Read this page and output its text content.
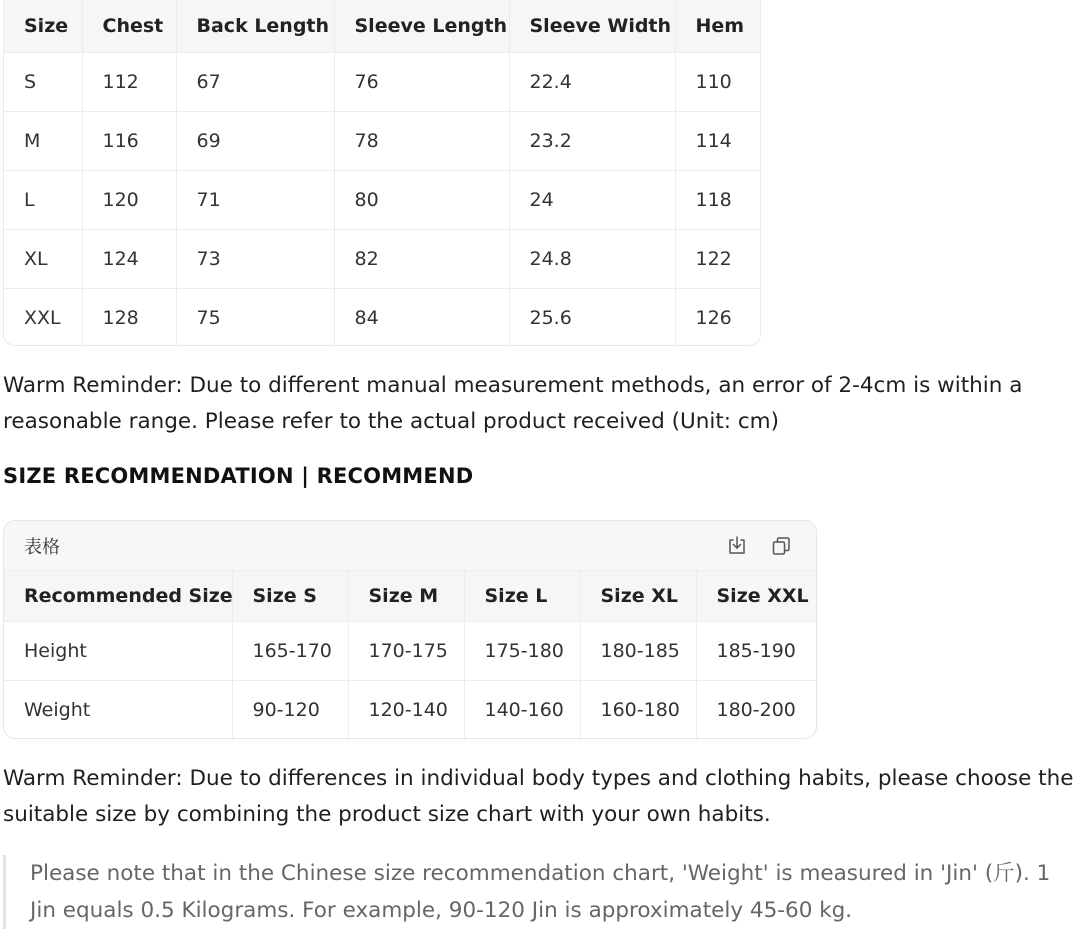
Size	Chest	Back Length	Sleeve Length	Sleeve Width	Hem
S	112	67	76	22.4	110
M	116	69	78	23.2	114
L	120	71	80	24	118
XL	124	73	82	24.8	122
XXL	128	75	84	25.6	126

Warm Reminder: Due to different manual measurement methods, an error of 2-4cm is within a reasonable range. Please refer to the actual product received (Unit: cm)

SIZE RECOMMENDATION | RECOMMEND
表格
Recommended Size	Size S	Size M	Size L	Size XL	Size XXL
Height	165-170	170-175	175-180	180-185	185-190
Weight	90-120	120-140	140-160	160-180	180-200

Warm Reminder: Due to differences in individual body types and clothing habits, please choose the suitable size by combining the product size chart with your own habits.

Please note that in the Chinese size recommendation chart, 'Weight' is measured in 'Jin' (斤). 1 Jin equals 0.5 Kilograms. For example, 90-120 Jin is approximately 45-60 kg.
